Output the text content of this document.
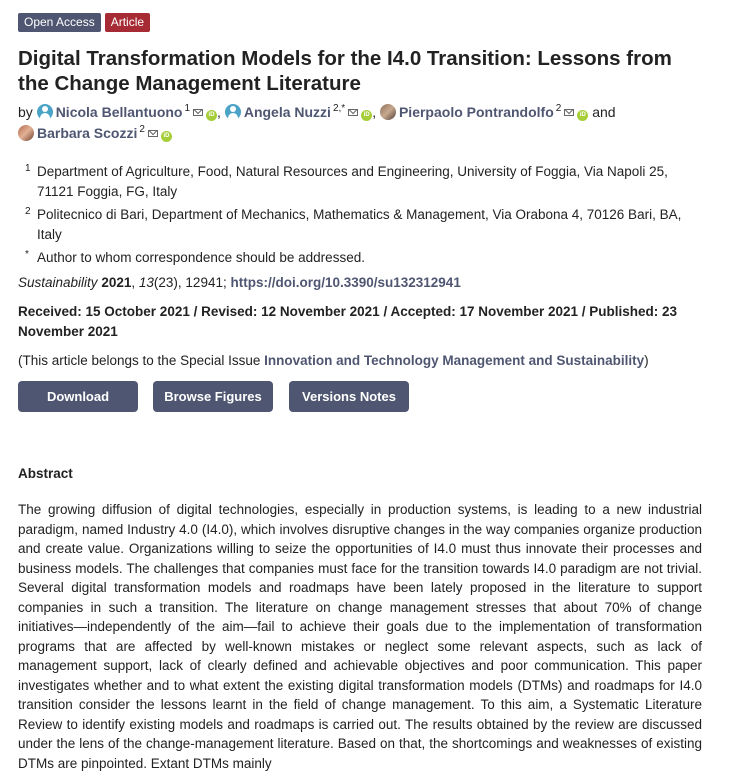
Open Access	Article
Digital Transformation Models for the I4.0 Transition: Lessons from the Change Management Literature
by Nicola Bellantuono $^1$iD , Angela Nuzzi $^{2,*}$iD , Pierpaolo Pontrandolfo $^2$iD and
Barbara Scozzi $^2$iD
1 Department of Agriculture, Food, Natural Resources and Engineering, University of Foggia, Via Napoli 25, 71121 Foggia, FG, Italy
2 Politecnico di Bari, Department of Mechanics, Mathematics & Management, Via Orabona 4, 70126 Bari, BA, Italy
* Author to whom correspondence should be addressed.
Sustainability 2021, 13(23), 12941; https://doi.org/10.3390/su132312941
Received: 15 October 2021 / Revised: 12 November 2021 / Accepted: 17 November 2021 / Published: 23 November 2021
(This article belongs to the Special Issue Innovation and Technology Management and Sustainability)
Download	Browse Figures	Versions Notes
Abstract

The growing diffusion of digital technologies, especially in production systems, is leading to a new industrial paradigm, named Industry 4.0 (I4.0), which involves disruptive changes in the way companies organize production and create value. Organizations willing to seize the opportunities of I4.0 must thus innovate their processes and business models. The challenges that companies must face for the transition towards I4.0 paradigm are not trivial. Several digital transformation models and roadmaps have been lately proposed in the literature to support companies in such a transition. The literature on change management stresses that about 70% of change initiatives—independently of the aim—fail to achieve their goals due to the implementation of transformation programs that are affected by well-known mistakes or neglect some relevant aspects, such as lack of management support, lack of clearly defined and achievable objectives and poor communication. This paper investigates whether and to what extent the existing digital transformation models (DTMs) and roadmaps for I4.0 transition consider the lessons learnt in the field of change management. To this aim, a Systematic Literature Review to identify existing models and roadmaps is carried out. The results obtained by the review are discussed under the lens of the change-management literature. Based on that, the shortcomings and weaknesses of existing DTMs are pinpointed. Extant DTMs mainly
